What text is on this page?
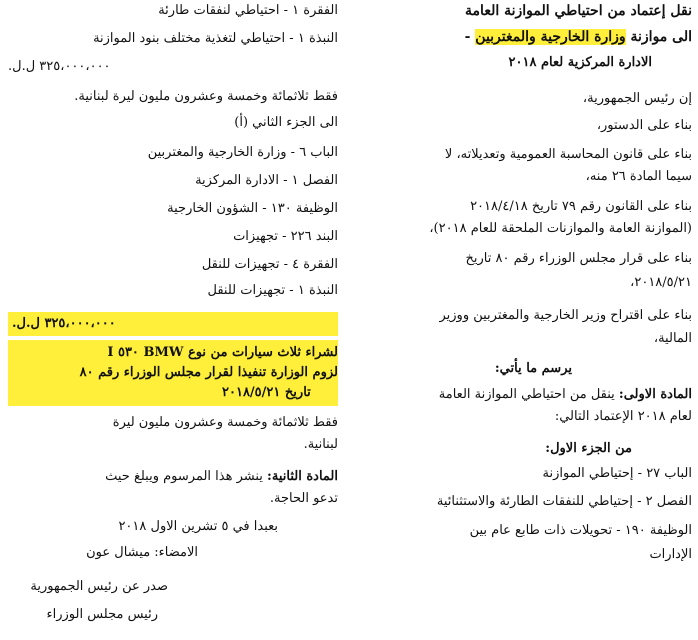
نقل إعتماد من احتياطي الموازنة العامة
الى موازنة وزارة الخارجية والمغتربين -
الادارة المركزية لعام ٢٠١٨
إن رئيس الجمهورية،
بناء على الدستور،
بناء على قانون المحاسبة العمومية وتعديلاته، لا
سيما المادة ٢٦ منه،
بناء على القانون رقم ٧٩ تاريخ ٢٠١٨/٤/١٨
(الموازنة العامة والموازنات الملحقة للعام ٢٠١٨)،
بناء على قرار مجلس الوزراء رقم ٨٠ تاريخ
٢٠١٨/٥/٢١،
بناء على اقتراح وزير الخارجية والمغتربين ووزير
المالية،
يرسم ما يأتي:
المادة الاولى: ينقل من احتياطي الموازنة العامة
لعام ٢٠١٨ الإعتماد التالي:
من الجزء الاول:
الباب ٢٧ - إحتياطي الموازنة
الفصل ٢ - إحتياطي للنفقات الطارئة والاستثنائية
الوظيفة ١٩٠ - تحويلات ذات طابع عام بين
الإدارات
الفقرة ١ - احتياطي لنفقات طارئة
النبذة ١ - احتياطي لتغذية مختلف بنود الموازنة
٣٢٥،٠٠٠،٠٠٠ ل.ل.
فقط ثلاثمائة وخمسة وعشرون مليون ليرة لبنانية.
الى الجزء الثاني (أ)
الباب ٦ - وزارة الخارجية والمغتربين
الفصل ١ - الادارة المركزية
الوظيفة ١٣٠ - الشؤون الخارجية
البند ٢٢٦ - تجهيزات
الفقرة ٤ - تجهيزات للنقل
النبذة ١ - تجهيزات للنقل
٣٢٥،٠٠٠،٠٠٠ ل.ل.
لشراء ثلاث سيارات من نوع BMW ٥٣٠ I
لزوم الوزارة تنفيذا لقرار مجلس الوزراء رقم ٨٠
تاريخ ٢٠١٨/٥/٢١
فقط ثلاثمائة وخمسة وعشرون مليون ليرة
لبنانية.
المادة الثانية: ينشر هذا المرسوم ويبلغ حيث
تدعو الحاجة.
بعبدا في ٥ تشرين الاول ٢٠١٨
الامضاء: ميشال عون
صدر عن رئيس الجمهورية
رئيس مجلس الوزراء
